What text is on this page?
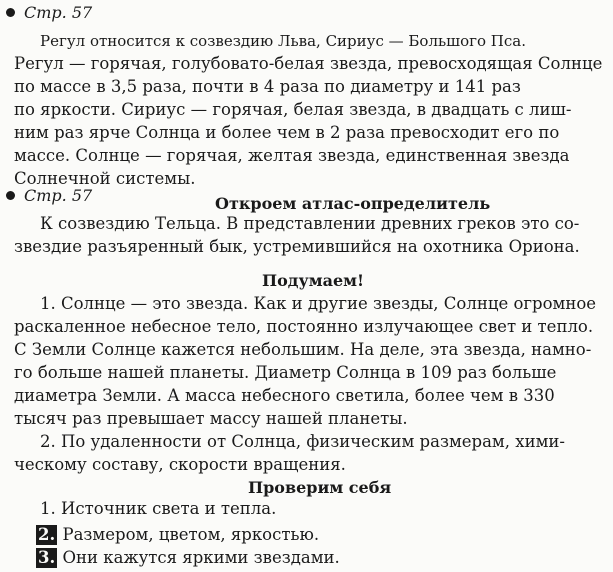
Стр. 57
Регул относится к созвездию Льва, Сириус — Большого Пса.
Регул — горячая, голубовато-белая звезда, превосходящая Солнце
по массе в 3,5 раза, почти в 4 раза по диаметру и 141 раз
по яркости. Сириус — горячая, белая звезда, в двадцать с лиш-
ним раз ярче Солнца и более чем в 2 раза превосходит его по
массе. Солнце — горячая, желтая звезда, единственная звезда
Солнечной системы.
Стр. 57	Откроем атлас-определитель
К созвездию Тельца. В представлении древних греков это со-
звездие разъяренный бык, устремившийся на охотника Ориона.
Подумаем!
1. Солнце — это звезда. Как и другие звезды, Солнце огромное
раскаленное небесное тело, постоянно излучающее свет и тепло.
С Земли Солнце кажется небольшим. На деле, эта звезда, намно-
го больше нашей планеты. Диаметр Солнца в 109 раз больше
диаметра Земли. А масса небесного светила, более чем в 330
тысяч раз превышает массу нашей планеты.
2. По удаленности от Солнца, физическим размерам, хими-
ческому составу, скорости вращения.
Проверим себя
1. Источник света и тепла.
2. Размером, цветом, яркостью.
3. Они кажутся яркими звездами.
